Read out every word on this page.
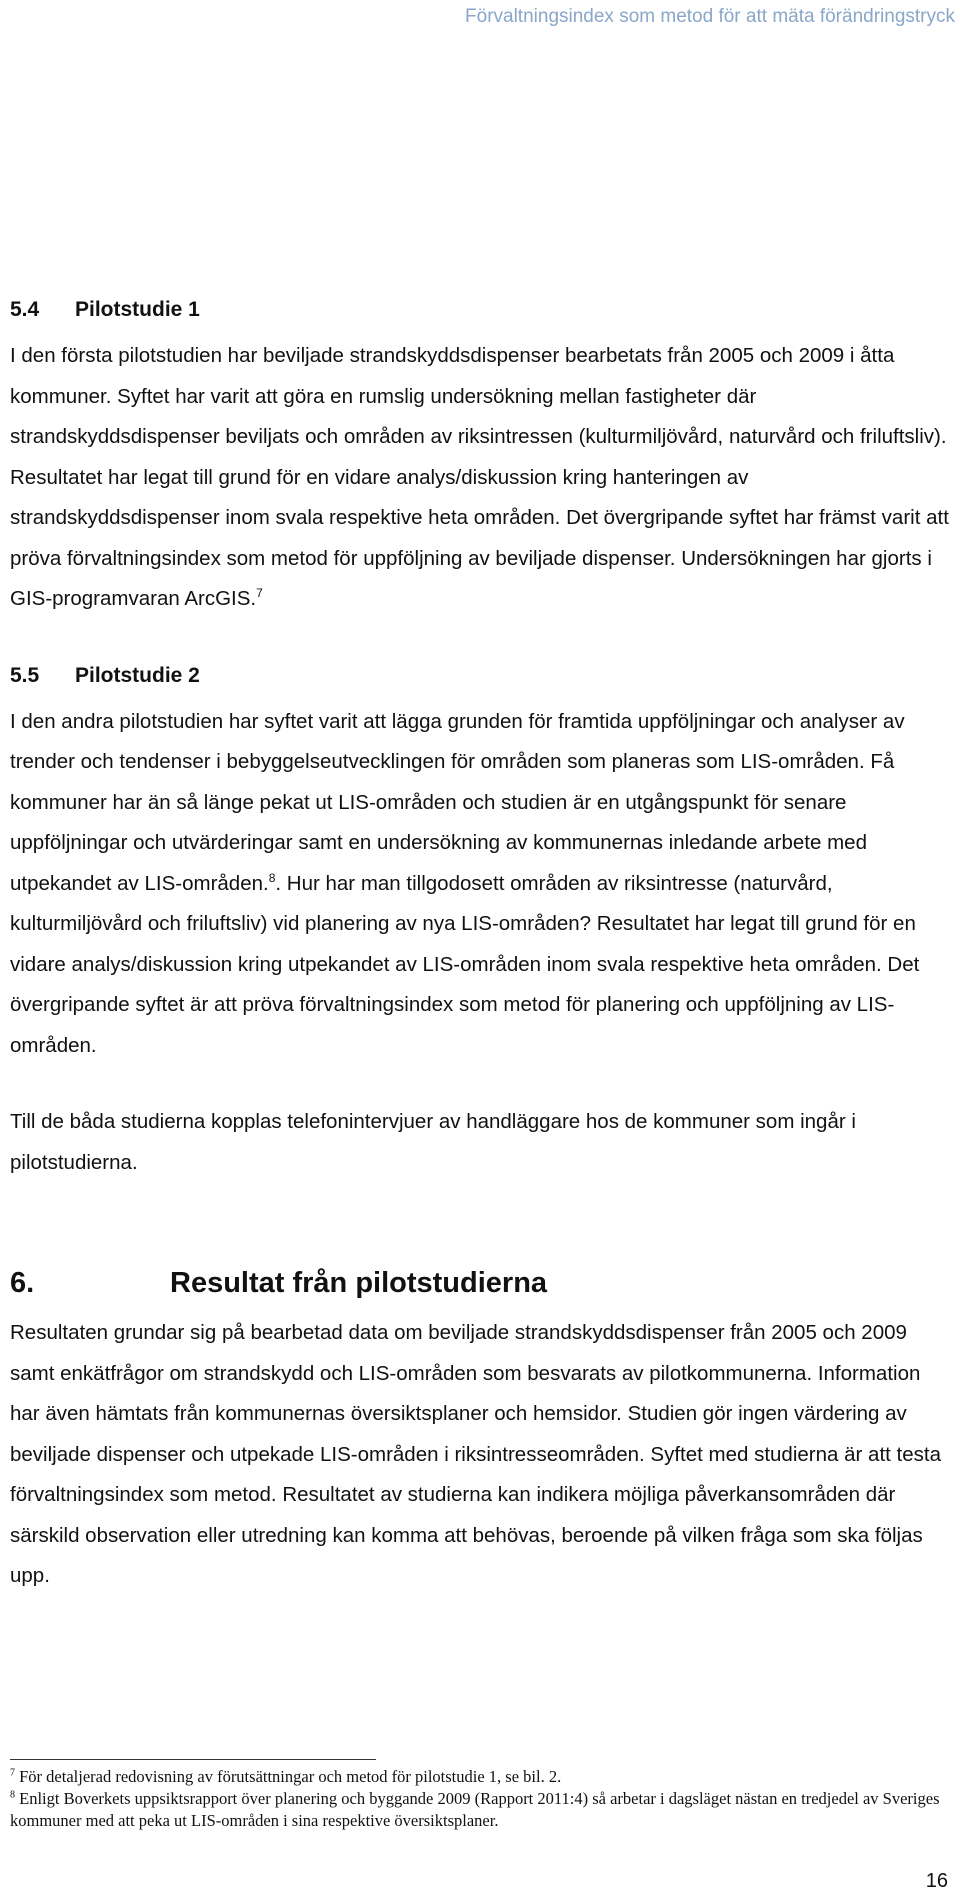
Förvaltningsindex som metod för att mäta förändringstryck
5.4 Pilotstudie 1

I den första pilotstudien har beviljade strandskyddsdispenser bearbetats från 2005 och 2009 i åtta kommuner. Syftet har varit att göra en rumslig undersökning mellan fastigheter där strandskyddsdispenser beviljats och områden av riksintressen (kulturmiljövård, naturvård och friluftsliv). Resultatet har legat till grund för en vidare analys/diskussion kring hanteringen av strandskyddsdispenser inom svala respektive heta områden. Det övergripande syftet har främst varit att pröva förvaltningsindex som metod för uppföljning av beviljade dispenser. Undersökningen har gjorts i GIS-programvaran ArcGIS.$^7$

5.5 Pilotstudie 2

I den andra pilotstudien har syftet varit att lägga grunden för framtida uppföljningar och analyser av trender och tendenser i bebyggelseutvecklingen för områden som planeras som LIS-områden. Få kommuner har än så länge pekat ut LIS-områden och studien är en utgångspunkt för senare uppföljningar och utvärderingar samt en undersökning av kommunernas inledande arbete med utpekandet av LIS-områden.$^8$. Hur har man tillgodosett områden av riksintresse (naturvård, kulturmiljövård och friluftsliv) vid planering av nya LIS-områden? Resultatet har legat till grund för en vidare analys/diskussion kring utpekandet av LIS-områden inom svala respektive heta områden. Det övergripande syftet är att pröva förvaltningsindex som metod för planering och uppföljning av LIS-områden.

Till de båda studierna kopplas telefonintervjuer av handläggare hos de kommuner som ingår i pilotstudierna.

6.	Resultat från pilotstudierna

Resultaten grundar sig på bearbetad data om beviljade strandskyddsdispenser från 2005 och 2009 samt enkätfrågor om strandskydd och LIS-områden som besvarats av pilotkommunerna. Information har även hämtats från kommunernas översiktsplaner och hemsidor. Studien gör ingen värdering av beviljade dispenser och utpekade LIS-områden i riksintresseområden. Syftet med studierna är att testa förvaltningsindex som metod. Resultatet av studierna kan indikera möjliga påverkansområden där särskild observation eller utredning kan komma att behövas, beroende på vilken fråga som ska följas upp.

$^7$ För detaljerad redovisning av förutsättningar och metod för pilotstudie 1, se bil. 2.

$^8$ Enligt Boverkets uppsiktsrapport över planering och byggande 2009 (Rapport 2011:4) så arbetar i dagsläget nästan en tredjedel av Sveriges kommuner med att peka ut LIS-områden i sina respektive översiktsplaner.

16
